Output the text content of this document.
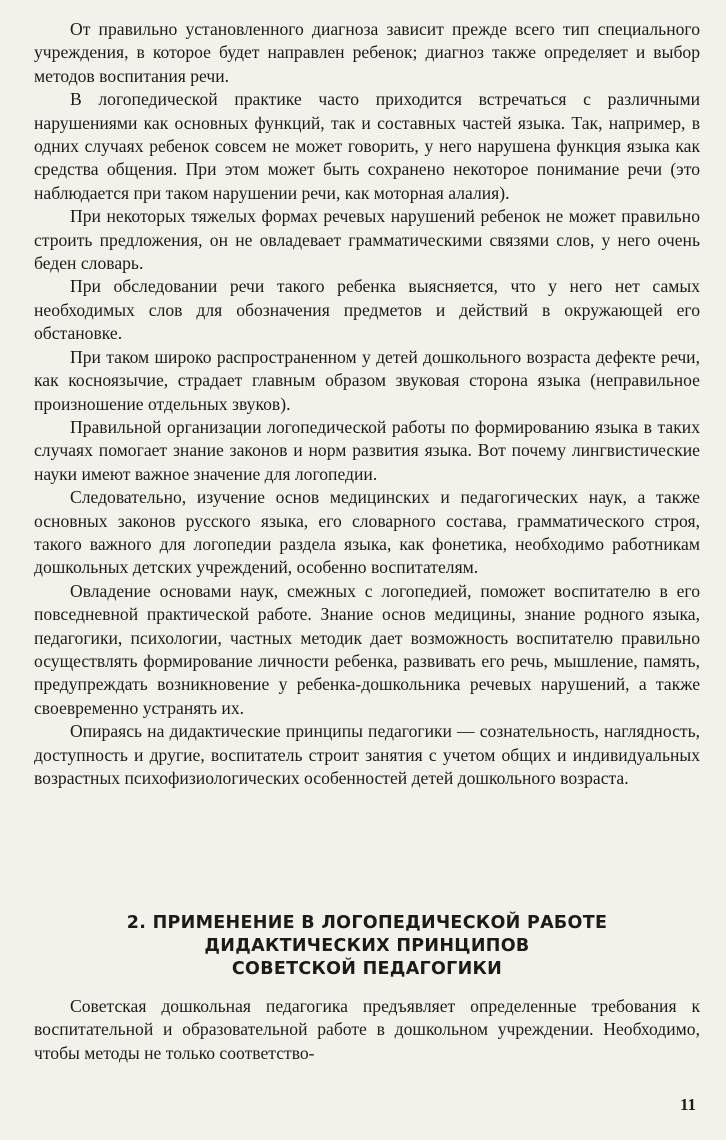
От правильно установленного диагноза зависит прежде всего тип специального учреждения, в которое будет направлен ребенок; диагноз также определяет и выбор методов воспитания речи.

В логопедической практике часто приходится встречаться с различными нарушениями как основных функций, так и составных частей языка. Так, например, в одних случаях ребенок совсем не может говорить, у него нарушена функция языка как средства общения. При этом может быть сохранено некоторое понимание речи (это наблюдается при таком нарушении речи, как моторная алалия).

При некоторых тяжелых формах речевых нарушений ребенок не может правильно строить предложения, он не овладевает грамматическими связями слов, у него очень беден словарь.

При обследовании речи такого ребенка выясняется, что у него нет самых необходимых слов для обозначения предметов и действий в окружающей его обстановке.

При таком широко распространенном у детей дошкольного возраста дефекте речи, как косноязычие, страдает главным образом звуковая сторона языка (неправильное произношение отдельных звуков).

Правильной организации логопедической работы по формированию языка в таких случаях помогает знание законов и норм развития языка. Вот почему лингвистические науки имеют важное значение для логопедии.

Следовательно, изучение основ медицинских и педагогических наук, а также основных законов русского языка, его словарного состава, грамматического строя, такого важного для логопедии раздела языка, как фонетика, необходимо работникам дошкольных детских учреждений, особенно воспитателям.

Овладение основами наук, смежных с логопедией, поможет воспитателю в его повседневной практической работе. Знание основ медицины, знание родного языка, педагогики, психологии, частных методик дает возможность воспитателю правильно осуществлять формирование личности ребенка, развивать его речь, мышление, память, предупреждать возникновение у ребенка-дошкольника речевых нарушений, а также своевременно устранять их.

Опираясь на дидактические принципы педагогики — сознательность, наглядность, доступность и другие, воспитатель строит занятия с учетом общих и индивидуальных возрастных психофизиологических особенностей детей дошкольного возраста.

2. ПРИМЕНЕНИЕ В ЛОГОПЕДИЧЕСКОЙ РАБОТЕ
ДИДАКТИЧЕСКИХ ПРИНЦИПОВ
СОВЕТСКОЙ ПЕДАГОГИКИ

Советская дошкольная педагогика предъявляет определенные требования к воспитательной и образовательной работе в дошкольном учреждении. Необходимо, чтобы методы не только соответство-

11
